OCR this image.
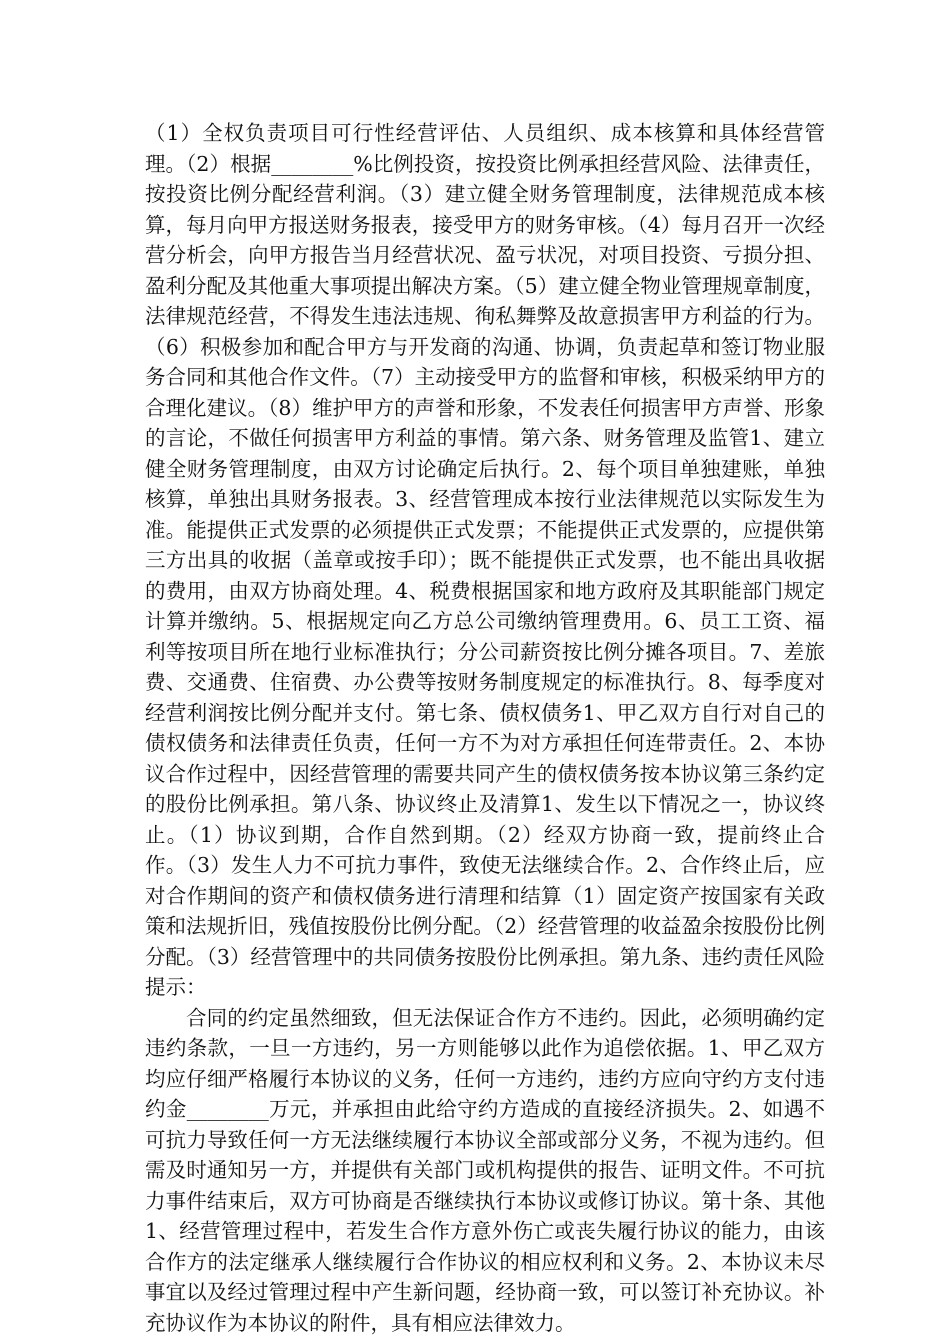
（1）全权负责项目可行性经营评估、人员组织、成本核算和具体经营管理。（2）根据________%比例投资，按投资比例承担经营风险、法律责任，按投资比例分配经营利润。（3）建立健全财务管理制度，法律规范成本核算，每月向甲方报送财务报表，接受甲方的财务审核。（4）每月召开一次经营分析会，向甲方报告当月经营状况、盈亏状况，对项目投资、亏损分担、盈利分配及其他重大事项提出解决方案。（5）建立健全物业管理规章制度，法律规范经营，不得发生违法违规、徇私舞弊及故意损害甲方利益的行为。（6）积极参加和配合甲方与开发商的沟通、协调，负责起草和签订物业服务合同和其他合作文件。（7）主动接受甲方的监督和审核，积极采纳甲方的合理化建议。（8）维护甲方的声誉和形象，不发表任何损害甲方声誉、形象的言论，不做任何损害甲方利益的事情。第六条、财务管理及监管1、建立健全财务管理制度，由双方讨论确定后执行。2、每个项目单独建账，单独核算，单独出具财务报表。3、经营管理成本按行业法律规范以实际发生为准。能提供正式发票的必须提供正式发票；不能提供正式发票的，应提供第三方出具的收据（盖章或按手印）；既不能提供正式发票，也不能出具收据的费用，由双方协商处理。4、税费根据国家和地方政府及其职能部门规定计算并缴纳。5、根据规定向乙方总公司缴纳管理费用。6、员工工资、福利等按项目所在地行业标准执行；分公司薪资按比例分摊各项目。7、差旅费、交通费、住宿费、办公费等按财务制度规定的标准执行。8、每季度对经营利润按比例分配并支付。第七条、债权债务1、甲乙双方自行对自己的债权债务和法律责任负责，任何一方不为对方承担任何连带责任。2、本协议合作过程中，因经营管理的需要共同产生的债权债务按本协议第三条约定的股份比例承担。第八条、协议终止及清算1、发生以下情况之一，协议终止。（1）协议到期，合作自然到期。（2）经双方协商一致，提前终止合作。（3）发生人力不可抗力事件，致使无法继续合作。2、合作终止后，应对合作期间的资产和债权债务进行清理和结算（1）固定资产按国家有关政策和法规折旧，残值按股份比例分配。（2）经营管理的收益盈余按股份比例分配。（3）经营管理中的共同债务按股份比例承担。第九条、违约责任风险提示：

合同的约定虽然细致，但无法保证合作方不违约。因此，必须明确约定违约条款，一旦一方违约，另一方则能够以此作为追偿依据。1、甲乙双方均应仔细严格履行本协议的义务，任何一方违约，违约方应向守约方支付违约金________万元，并承担由此给守约方造成的直接经济损失。2、如遇不可抗力导致任何一方无法继续履行本协议全部或部分义务，不视为违约。但需及时通知另一方，并提供有关部门或机构提供的报告、证明文件。不可抗力事件结束后，双方可协商是否继续执行本协议或修订协议。第十条、其他1、经营管理过程中，若发生合作方意外伤亡或丧失履行协议的能力，由该合作方的法定继承人继续履行合作协议的相应权利和义务。2、本协议未尽事宜以及经过管理过程中产生新问题，经协商一致，可以签订补充协议。补充协议作为本协议的附件，具有相应法律效力。
